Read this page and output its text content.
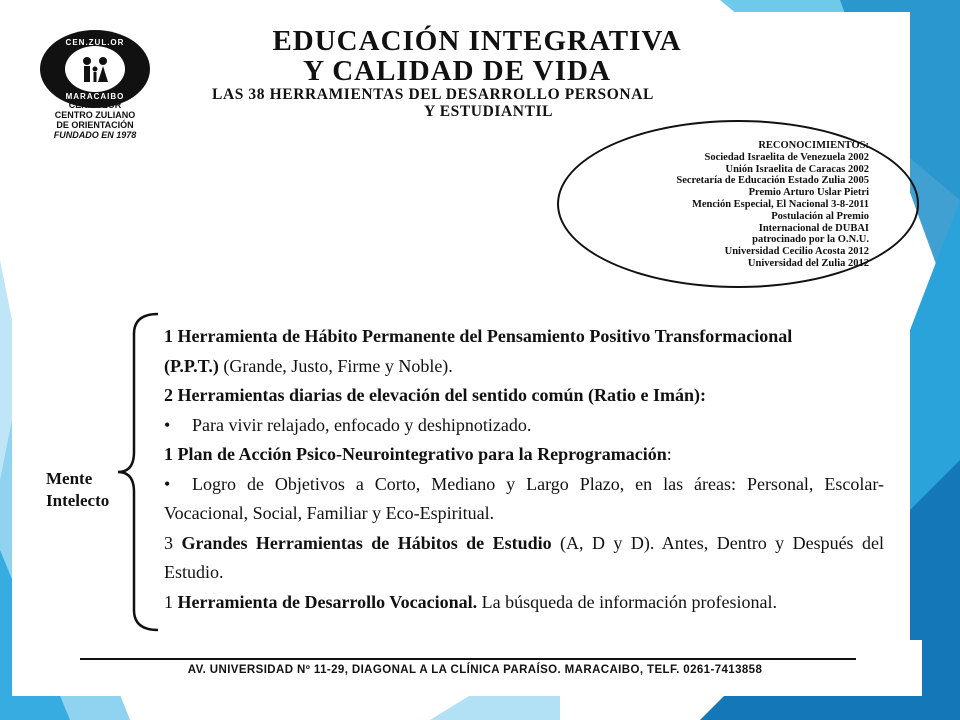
CEN.ZUL.OR
MARACAIBO
CEN.ZULOR
CENTRO ZULIANO
DE ORIENTACIÓN
FUNDADO EN 1978
EDUCACIÓN INTEGRATIVA
Y CALIDAD DE VIDA
LAS 38 HERRAMIENTAS DEL DESARROLLO PERSONAL
Y ESTUDIANTIL
RECONOCIMIENTOS:
Sociedad Israelita de Venezuela 2002
Unión Israelita de Caracas 2002
Secretaría de Educación Estado Zulia 2005
Premio Arturo Uslar Pietri
Mención Especial, El Nacional 3-8-2011
Postulación al Premio
Internacional de DUBAI
patrocinado por la O.N.U.
Universidad Cecilio Acosta 2012
Universidad del Zulia 2012
Mente
Intelecto
1 Herramienta de Hábito Permanente del Pensamiento Positivo Transformacional
(P.P.T.) (Grande, Justo, Firme y Noble).
2 Herramientas diarias de elevación del sentido común (Ratio e Imán):
• Para vivir relajado, enfocado y deshipnotizado.
1 Plan de Acción Psico-Neurointegrativo para la Reprogramación:
• Logro de Objetivos a Corto, Mediano y Largo Plazo, en las áreas: Personal, Escolar-
Vocacional, Social, Familiar y Eco-Espiritual.
3 Grandes Herramientas de Hábitos de Estudio (A, D y D). Antes, Dentro y Después del
Estudio.
1 Herramienta de Desarrollo Vocacional. La búsqueda de información profesional.
AV. UNIVERSIDAD Nº 11-29, DIAGONAL A LA CLÍNICA PARAÍSO. MARACAIBO, TELF. 0261-7413858
